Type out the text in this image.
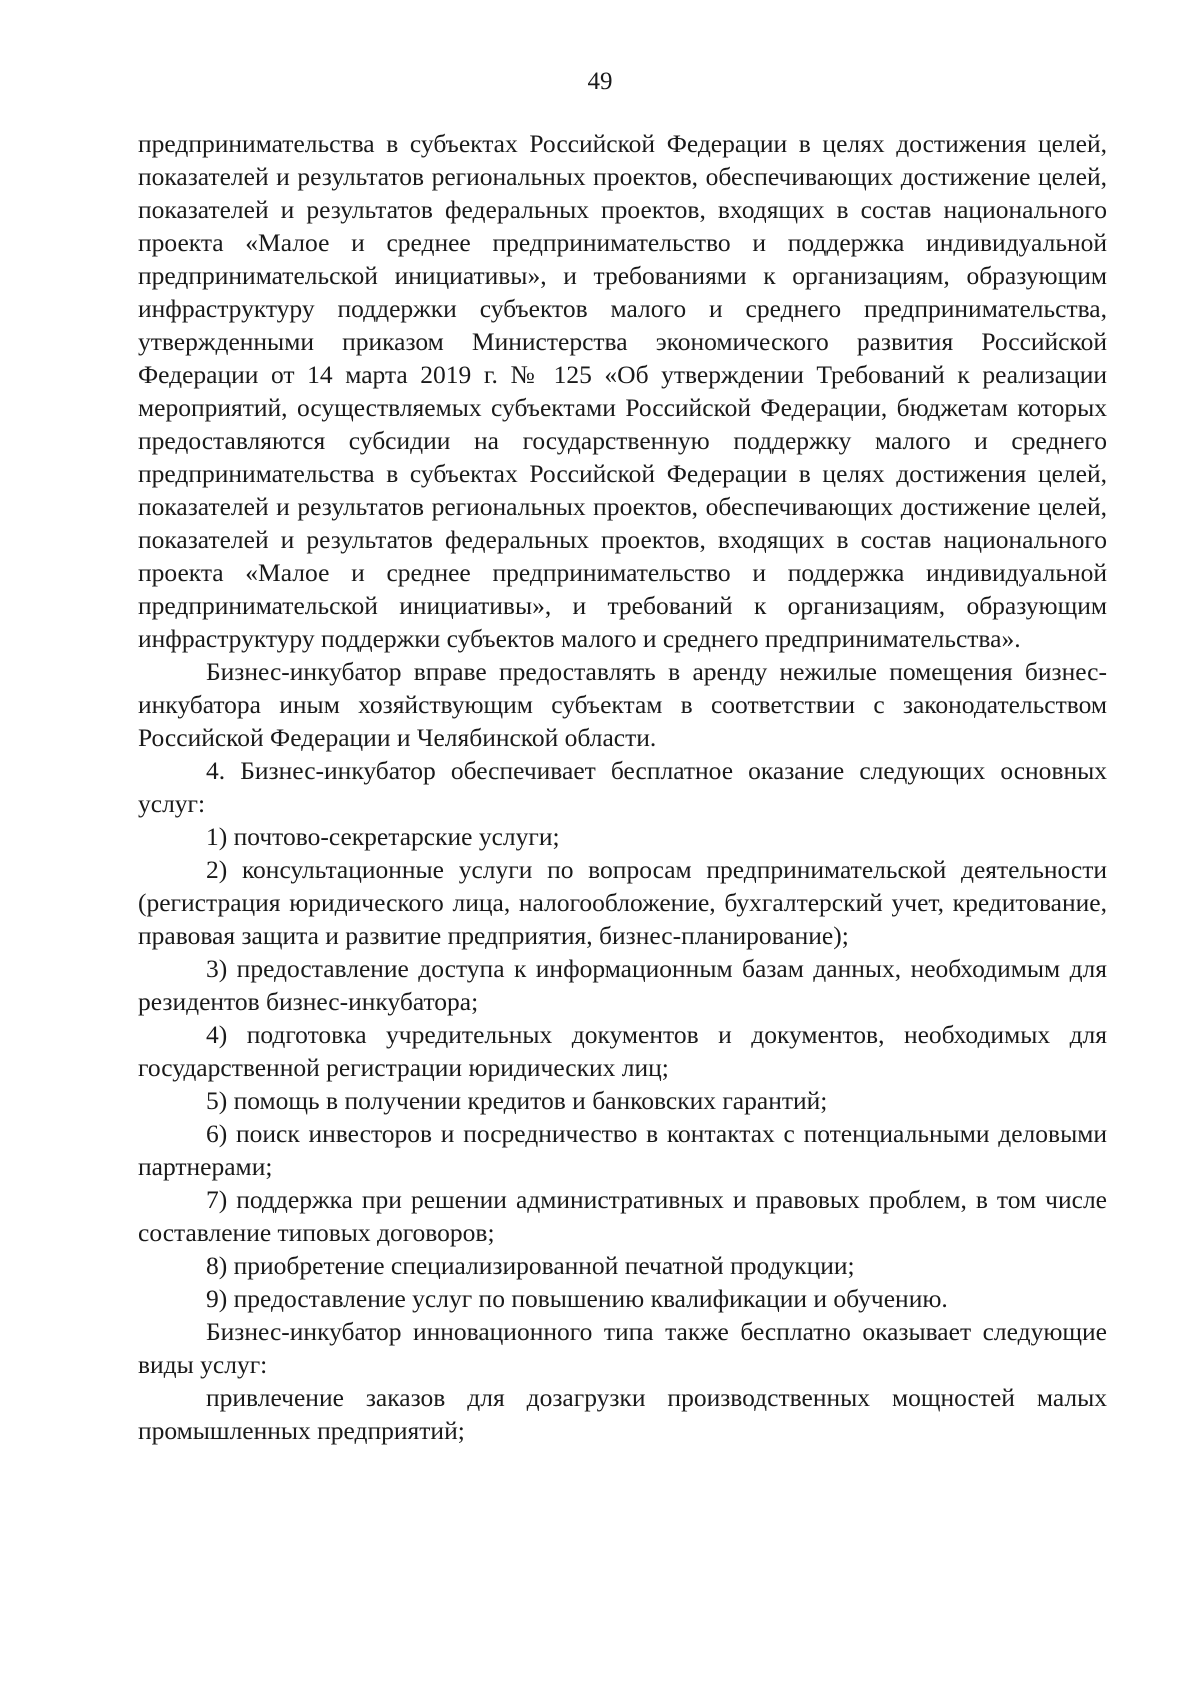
49

предпринимательства в субъектах Российской Федерации в целях достижения целей, показателей и результатов региональных проектов, обеспечивающих достижение целей, показателей и результатов федеральных проектов, входящих в состав национального проекта «Малое и среднее предпринимательство и поддержка индивидуальной предпринимательской инициативы», и требованиями к организациям, образующим инфраструктуру поддержки субъектов малого и среднего предпринимательства, утвержденными приказом Министерства экономического развития Российской Федерации от 14 марта 2019 г. № 125 «Об утверждении Требований к реализации мероприятий, осуществляемых субъектами Российской Федерации, бюджетам которых предоставляются субсидии на государственную поддержку малого и среднего предпринимательства в субъектах Российской Федерации в целях достижения целей, показателей и результатов региональных проектов, обеспечивающих достижение целей, показателей и результатов федеральных проектов, входящих в состав национального проекта «Малое и среднее предпринимательство и поддержка индивидуальной предпринимательской инициативы», и требований к организациям, образующим инфраструктуру поддержки субъектов малого и среднего предпринимательства».

Бизнес-инкубатор вправе предоставлять в аренду нежилые помещения бизнес-инкубатора иным хозяйствующим субъектам в соответствии с законодательством Российской Федерации и Челябинской области.

4. Бизнес-инкубатор обеспечивает бесплатное оказание следующих основных услуг:

1) почтово-секретарские услуги;

2) консультационные услуги по вопросам предпринимательской деятельности (регистрация юридического лица, налогообложение, бухгалтерский учет, кредитование, правовая защита и развитие предприятия, бизнес-планирование);

3) предоставление доступа к информационным базам данных, необходимым для резидентов бизнес-инкубатора;

4) подготовка учредительных документов и документов, необходимых для государственной регистрации юридических лиц;

5) помощь в получении кредитов и банковских гарантий;

6) поиск инвесторов и посредничество в контактах с потенциальными деловыми партнерами;

7) поддержка при решении административных и правовых проблем, в том числе составление типовых договоров;

8) приобретение специализированной печатной продукции;

9) предоставление услуг по повышению квалификации и обучению.

Бизнес-инкубатор инновационного типа также бесплатно оказывает следующие виды услуг:

привлечение заказов для дозагрузки производственных мощностей малых промышленных предприятий;
